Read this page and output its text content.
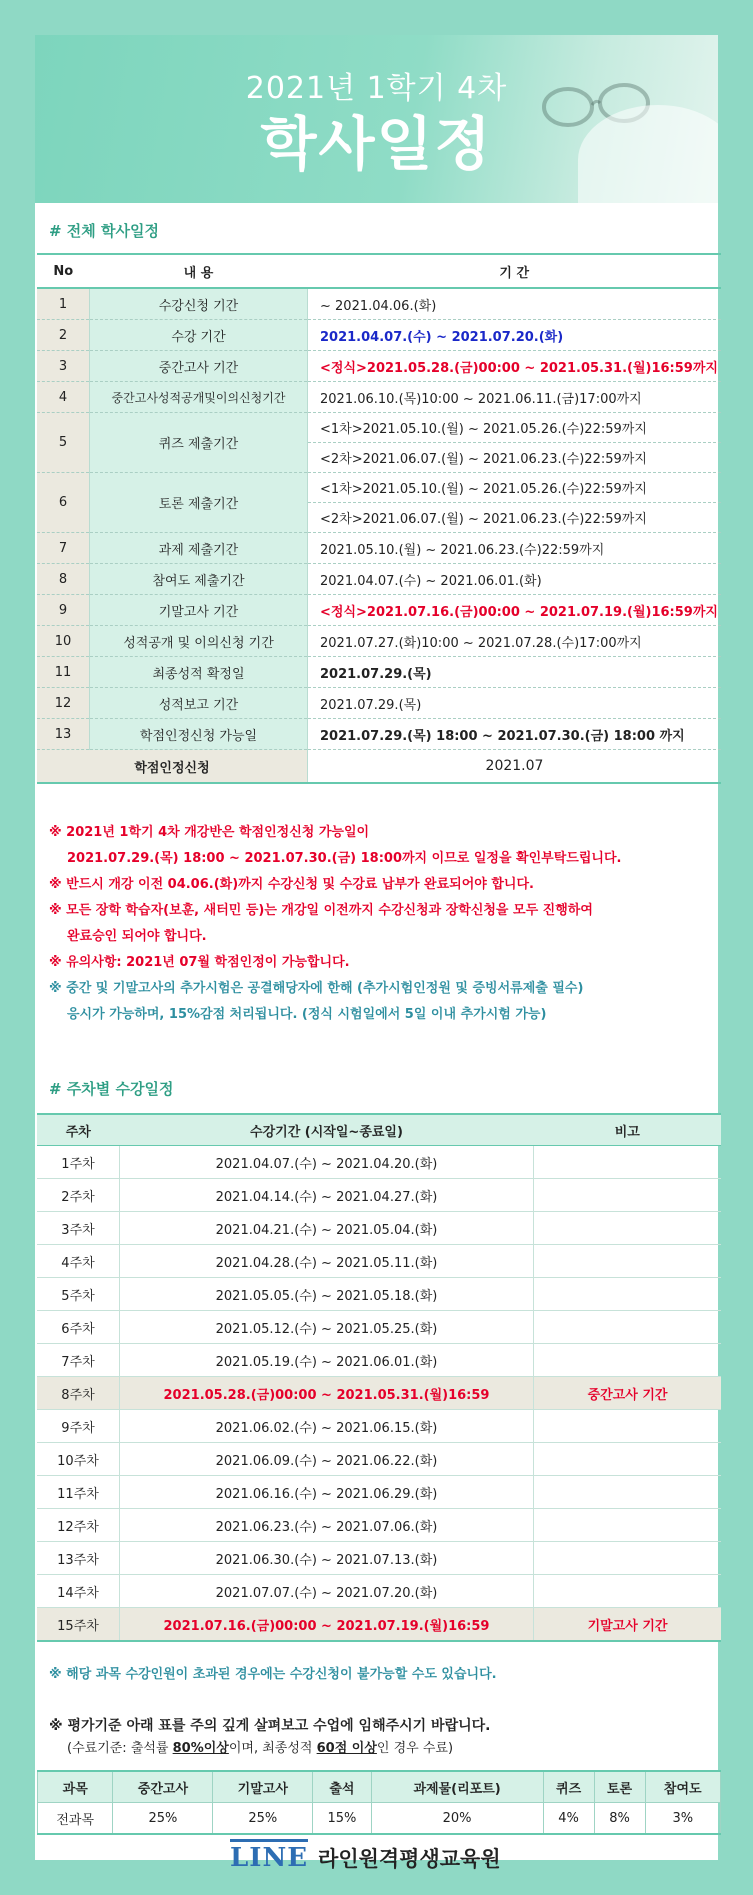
2021년 1학기 4차
학사일정
# 전체 학사일정
No	내 용	기 간
1	수강신청 기간	~ 2021.04.06.(화)
2	수강 기간	2021.04.07.(수) ~ 2021.07.20.(화)
3	중간고사 기간	<정식>2021.05.28.(금)00:00 ~ 2021.05.31.(월)16:59까지
4	중간고사성적공개및이의신청기간	2021.06.10.(목)10:00 ~ 2021.06.11.(금)17:00까지
5	퀴즈 제출기간	<1차>2021.05.10.(월) ~ 2021.05.26.(수)22:59까지
		<2차>2021.06.07.(월) ~ 2021.06.23.(수)22:59까지
6	토론 제출기간	<1차>2021.05.10.(월) ~ 2021.05.26.(수)22:59까지
		<2차>2021.06.07.(월) ~ 2021.06.23.(수)22:59까지
7	과제 제출기간	2021.05.10.(월) ~ 2021.06.23.(수)22:59까지
8	참여도 제출기간	2021.04.07.(수) ~ 2021.06.01.(화)
9	기말고사 기간	<정식>2021.07.16.(금)00:00 ~ 2021.07.19.(월)16:59까지
10	성적공개 및 이의신청 기간	2021.07.27.(화)10:00 ~ 2021.07.28.(수)17:00까지
11	최종성적 확정일	2021.07.29.(목)
12	성적보고 기간	2021.07.29.(목)
13	학점인정신청 가능일	2021.07.29.(목) 18:00 ~ 2021.07.30.(금) 18:00 까지
학점인정신청		2021.07
※ 2021년 1학기 4차 개강반은 학점인정신청 가능일이
2021.07.29.(목) 18:00 ~ 2021.07.30.(금) 18:00까지 이므로 일정을 확인부탁드립니다.
※ 반드시 개강 이전 04.06.(화)까지 수강신청 및 수강료 납부가 완료되어야 합니다.
※ 모든 장학 학습자(보훈, 새터민 등)는 개강일 이전까지 수강신청과 장학신청을 모두 진행하여
완료승인 되어야 합니다.
※ 유의사항: 2021년 07월 학점인정이 가능합니다.
※ 중간 및 기말고사의 추가시험은 공결해당자에 한해 (추가시험인정원 및 증빙서류제출 필수)
응시가 가능하며, 15%감점 처리됩니다. (정식 시험일에서 5일 이내 추가시험 가능)
# 주차별 수강일정
주차	수강기간 (시작일~종료일)	비고
1주차	2021.04.07.(수) ~ 2021.04.20.(화)	
2주차	2021.04.14.(수) ~ 2021.04.27.(화)	
3주차	2021.04.21.(수) ~ 2021.05.04.(화)	
4주차	2021.04.28.(수) ~ 2021.05.11.(화)	
5주차	2021.05.05.(수) ~ 2021.05.18.(화)	
6주차	2021.05.12.(수) ~ 2021.05.25.(화)	
7주차	2021.05.19.(수) ~ 2021.06.01.(화)	
8주차	2021.05.28.(금)00:00 ~ 2021.05.31.(월)16:59	중간고사 기간
9주차	2021.06.02.(수) ~ 2021.06.15.(화)	
10주차	2021.06.09.(수) ~ 2021.06.22.(화)	
11주차	2021.06.16.(수) ~ 2021.06.29.(화)	
12주차	2021.06.23.(수) ~ 2021.07.06.(화)	
13주차	2021.06.30.(수) ~ 2021.07.13.(화)	
14주차	2021.07.07.(수) ~ 2021.07.20.(화)	
15주차	2021.07.16.(금)00:00 ~ 2021.07.19.(월)16:59	기말고사 기간
※ 해당 과목 수강인원이 초과된 경우에는 수강신청이 불가능할 수도 있습니다.
※ 평가기준 아래 표를 주의 깊게 살펴보고 수업에 임해주시기 바랍니다.
(수료기준: 출석률 80%이상이며, 최종성적 60점 이상인 경우 수료)
과목	중간고사	기말고사	출석	과제물(리포트)	퀴즈	토론	참여도
전과목	25%	25%	15%	20%	4%	8%	3%
LINE 라인원격평생교육원
